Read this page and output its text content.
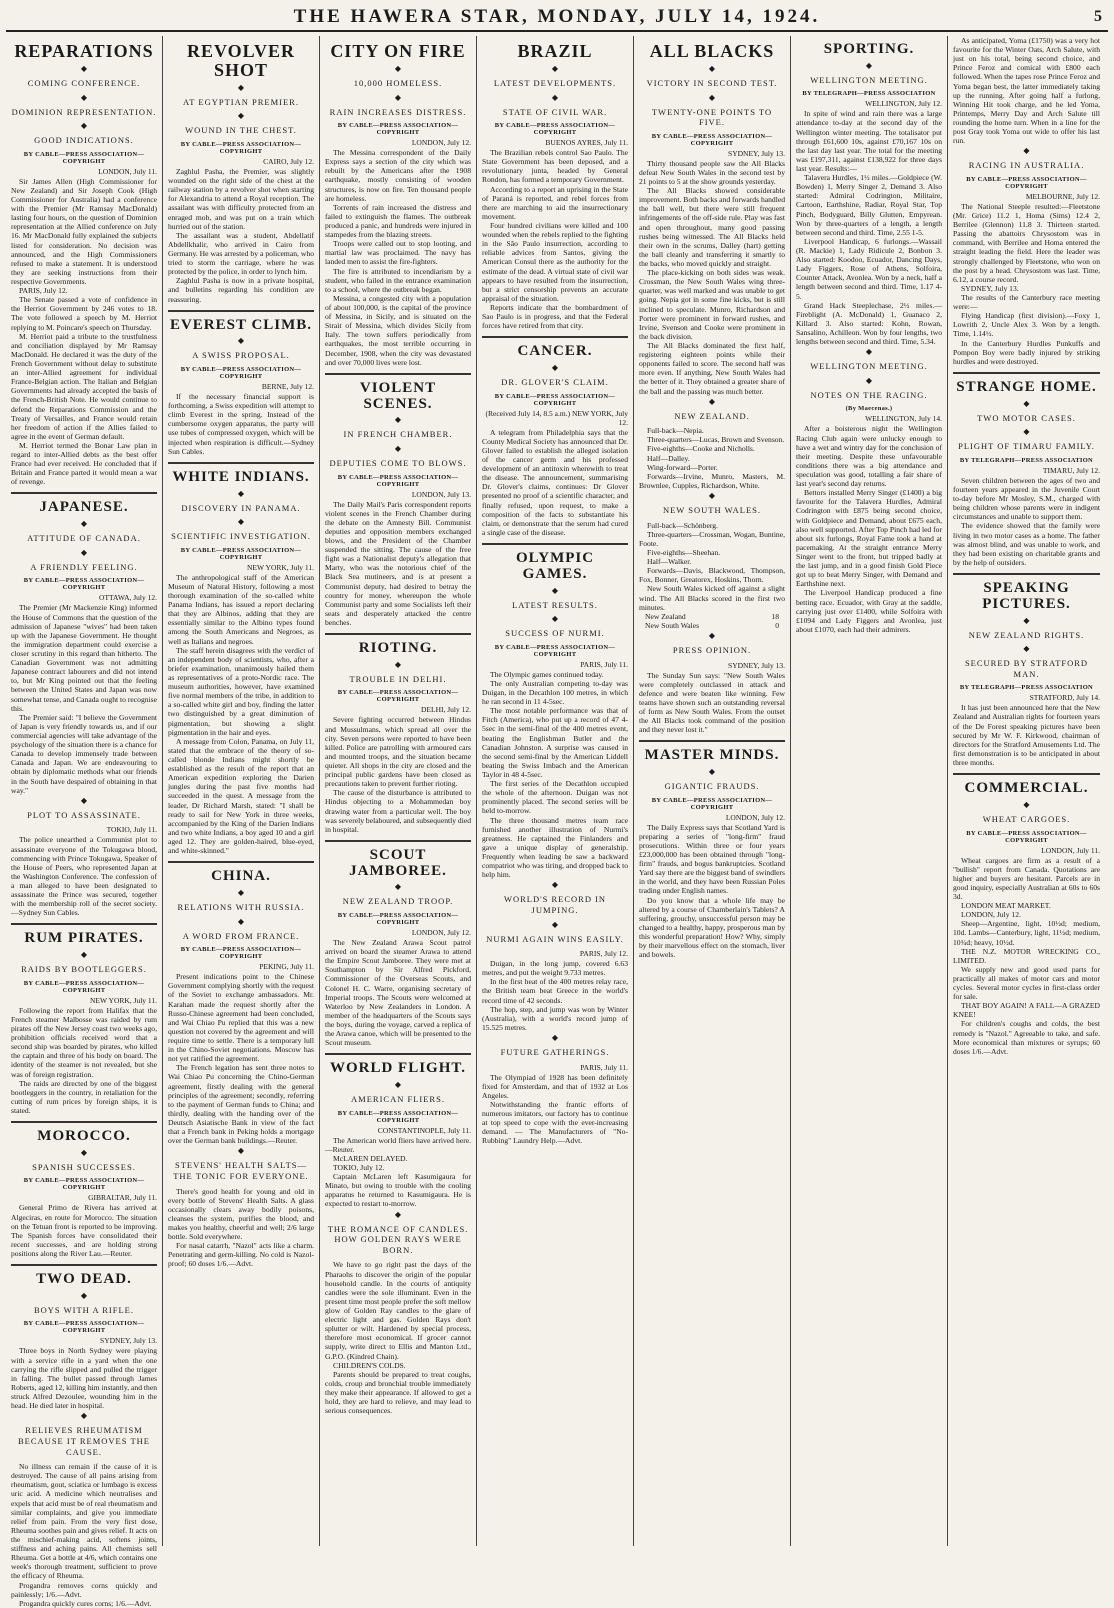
THE HAWERA STAR, MONDAY, JULY 14, 1924.	5
REPARATIONS
◆
COMING CONFERENCE.
◆
DOMINION REPRESENTATION.
◆
GOOD INDICATIONS.
BY CABLE—PRESS ASSOCIATION—COPYRIGHT
LONDON, July 11.

Sir James Allen (High Commissioner for New Zealand) and Sir Joseph Cook (High Commissioner for Australia) had a conference with the Premier (Mr Ramsay MacDonald) lasting four hours, on the question of Dominion representation at the Allied conference on July 16. Mr MacDonald fully explained the subjects listed for consideration. No decision was announced, and the High Commissioners refused to make a statement. It is understood they are seeking instructions from their respective Governments.

PARIS, July 12.

The Senate passed a vote of confidence in the Herriot Government by 246 votes to 18. The vote followed a speech by M. Herriot replying to M. Poincare's speech on Thursday.

M. Herriot paid a tribute to the trustfulness and conciliation displayed by Mr Ramsay MacDonald. He declared it was the duty of the French Government without delay to substitute an inter-Allied agreement for individual France-Belgian action. The Italian and Belgian Governments had already accepted the basis of the French-British Note. He would continue to defend the Reparations Commission and the Treaty of Versailles, and France would retain her freedom of action if the Allies failed to agree in the event of German default.

M. Herriot termed the Bonar Law plan in regard to inter-Allied debts as the best offer France had ever received. He concluded that if Britain and France parted it would mean a war of revenge.

JAPANESE.
◆
ATTITUDE OF CANADA.
◆
A FRIENDLY FEELING.
BY CABLE—PRESS ASSOCIATION—COPYRIGHT
OTTAWA, July 12.

The Premier (Mr Mackenzie King) informed the House of Commons that the question of the admission of Japanese "wives" had been taken up with the Japanese Government. He thought the immigration department could exercise a closer scrutiny in this regard than hitherto. The Canadian Government was not admitting Japanese contract labourers and did not intend to, but Mr King pointed out that the feeling between the United States and Japan was now somewhat tense, and Canada ought to recognise this.

The Premier said: "I believe the Government of Japan is very friendly towards us, and if our commercial agencies will take advantage of the psychology of the situation there is a chance for Canada to develop immensely trade between Canada and Japan. We are endeavouring to obtain by diplomatic methods what our friends in the South have despaired of obtaining in that way."

◆
PLOT TO ASSASSINATE.
TOKIO, July 11.

The police unearthed a Communist plot to assassinate everyone of the Tokugawa blood, commencing with Prince Tokugawa, Speaker of the House of Peers, who represented Japan at the Washington Conference. The confession of a man alleged to have been designated to assassinate the Prince was secured, together with the membership roll of the secret society.—Sydney Sun Cables.

RUM PIRATES.
◆
RAIDS BY BOOTLEGGERS.
BY CABLE—PRESS ASSOCIATION—COPYRIGHT
NEW YORK, July 11.

Following the report from Halifax that the French steamer Malbosse was raided by rum pirates off the New Jersey coast two weeks ago, prohibition officials received word that a second ship was boarded by pirates, who killed the captain and three of his body on board. The identity of the steamer is not revealed, but she was of foreign registration.

The raids are directed by one of the biggest bootleggers in the country, in retaliation for the cutting of rum prices by foreign ships, it is stated.

MOROCCO.
◆
SPANISH SUCCESSES.
BY CABLE—PRESS ASSOCIATION—COPYRIGHT
GIBRALTAR, July 11.

General Primo de Rivera has arrived at Algeciras, en route for Morocco. The situation on the Tetuan front is reported to be improving. The Spanish forces have consolidated their recent successes, and are holding strong positions along the River Lau.—Reuter.

TWO DEAD.
◆
BOYS WITH A RIFLE.
BY CABLE—PRESS ASSOCIATION—COPYRIGHT
SYDNEY, July 13.

Three boys in North Sydney were playing with a service rifle in a yard when the one carrying the rifle slipped and pulled the trigger in falling. The bullet passed through James Roberts, aged 12, killing him instantly, and then struck Alfred Dezoulee, wounding him in the head. He died later in hospital.

◆
RELIEVES RHEUMATISM BECAUSE IT REMOVES THE CAUSE.

No illness can remain if the cause of it is destroyed. The cause of all pains arising from rheumatism, gout, sciatica or lumbago is excess uric acid. A medicine which neutralises and expels that acid must be of real rheumatism and similar complaints, and give you immediate relief from pain. From the very first dose, Rheuma soothes pain and gives relief. It acts on the mischief-making acid, softens joints, stiffness and aching pains. All chemists sell Rheuma. Get a bottle at 4/6, which contains one week's thorough treatment, sufficient to prove the efficacy of Rheuma.

Progandra removes corns quickly and painlessly; 1/6.—Advt.

Progandra quickly cures corns; 1/6.—Advt.

REVOLVER SHOT
◆
AT EGYPTIAN PREMIER.
◆
WOUND IN THE CHEST.
BY CABLE—PRESS ASSOCIATION—COPYRIGHT
CAIRO, July 12.

Zaghlul Pasha, the Premier, was slightly wounded on the right side of the chest at the railway station by a revolver shot when starting for Alexandria to attend a Royal reception. The assailant was with difficulty protected from an enraged mob, and was put on a train which hurried out of the station.

The assailant was a student, Abdellatif Abdellkhalir, who arrived in Cairo from Germany. He was arrested by a policeman, who tried to storm the carriage, where he was protected by the police, in order to lynch him.

Zaghlul Pasha is now in a private hospital, and bulletins regarding his condition are reassuring.

EVEREST CLIMB.
◆
A SWISS PROPOSAL.
BY CABLE—PRESS ASSOCIATION—COPYRIGHT
BERNE, July 12.

If the necessary financial support is forthcoming, a Swiss expedition will attempt to climb Everest in the spring. Instead of the cumbersome oxygen apparatus, the party will use tubes of compressed oxygen, which will be injected when respiration is difficult.—Sydney Sun Cables.

WHITE INDIANS.
◆
DISCOVERY IN PANAMA.
◆
SCIENTIFIC INVESTIGATION.
BY CABLE—PRESS ASSOCIATION—COPYRIGHT
NEW YORK, July 11.

The anthropological staff of the American Museum of Natural History, following a most thorough examination of the so-called white Panama Indians, has issued a report declaring that they are Albinos, adding that they are essentially similar to the Albino types found among the South Americans and Negroes, as well as Italians and negroes.

The staff herein disagrees with the verdict of an independent body of scientists, who, after a briefer examination, unanimously hailed them as representatives of a proto-Nordic race. The museum authorities, however, have examined five normal members of the tribe, in addition to a so-called white girl and boy, finding the latter two distinguished by a great diminution of pigmentation, but showing a slight pigmentation in the hair and eyes.

A message from Colon, Panama, on July 11, stated that the embrace of the theory of so-called blonde Indians might shortly be established as the result of the report that an American expedition exploring the Darien jungles during the past five months had succeeded in the quest. A message from the leader, Dr Richard Marsh, stated: "I shall be ready to sail for New York in three weeks, accompanied by the King of the Darien Indians and two white Indians, a boy aged 10 and a girl aged 12. They are golden-haired, blue-eyed, and white-skinned."

CHINA.
◆
RELATIONS WITH RUSSIA.
◆
A WORD FROM FRANCE.
BY CABLE—PRESS ASSOCIATION—COPYRIGHT
PEKING, July 11.

Present indications point to the Chinese Government complying shortly with the request of the Soviet to exchange ambassadors. Mr. Karahan made the request shortly after the Russo-Chinese agreement had been concluded, and Wai Chiao Pu replied that this was a new question not covered by the agreement and will require time to settle. There is a temporary lull in the Chino-Soviet negotiations. Moscow has not yet ratified the agreement.

The French legation has sent three notes to Wai Chiao Pu concerning the Chino-German agreement, firstly dealing with the general principles of the agreement; secondly, referring to the payment of German funds to China; and thirdly, dealing with the handing over of the Deutsch Asiatische Bank in view of the fact that a French bank in Peking holds a mortgage over the German bank buildings.—Reuter.

◆
STEVENS' HEALTH SALTS—THE TONIC FOR EVERYONE.

There's good health for young and old in every bottle of Stevens' Health Salts. A glass occasionally clears away bodily poisons, cleanses the system, purifies the blood, and makes you healthy, cheerful and well; 2/6 large bottle. Sold everywhere.

For nasal catarrh, "Nazol" acts like a charm. Penetrating and germ-killing. No cold is Nazol-proof; 60 doses 1/6.—Advt.

CITY ON FIRE
◆
10,000 HOMELESS.
◆
RAIN INCREASES DISTRESS.
BY CABLE—PRESS ASSOCIATION—COPYRIGHT
LONDON, July 12.

The Messina correspondent of the Daily Express says a section of the city which was rebuilt by the Americans after the 1908 earthquake, mostly consisting of wooden structures, is now on fire. Ten thousand people are homeless.

Torrents of rain increased the distress and failed to extinguish the flames. The outbreak produced a panic, and hundreds were injured in stampedes from the blazing streets.

Troops were called out to stop looting, and martial law was proclaimed. The navy has landed men to assist the fire-fighters.

The fire is attributed to incendiarism by a student, who failed in the entrance examination to a school, where the outbreak began.

Messina, a congested city with a population of about 100,000, is the capital of the province of Messina, in Sicily, and is situated on the Strait of Messina, which divides Sicily from Italy. The town suffers periodically from earthquakes, the most terrible occurring in December, 1908, when the city was devastated and over 70,000 lives were lost.

VIOLENT SCENES.
◆
IN FRENCH CHAMBER.
◆
DEPUTIES COME TO BLOWS.
BY CABLE—PRESS ASSOCIATION—COPYRIGHT
LONDON, July 13.

The Daily Mail's Paris correspondent reports violent scenes in the French Chamber during the debate on the Amnesty Bill. Communist deputies and opposition members exchanged blows, and the President of the Chamber suspended the sitting. The cause of the free fight was a Nationalist deputy's allegation that Marty, who was the notorious chief of the Black Sea mutineers, and is at present a Communist deputy, had desired to betray the country for money, whereupon the whole Communist party and some Socialists left their seats and desperately attacked the centre benches.

RIOTING.
◆
TROUBLE IN DELHI.
BY CABLE—PRESS ASSOCIATION—COPYRIGHT
DELHI, July 12.

Severe fighting occurred between Hindus and Mussulmans, which spread all over the city. Seven persons were reported to have been killed. Police are patrolling with armoured cars and mounted troops, and the situation became quieter. All shops in the city are closed and the principal public gardens have been closed as precautions taken to prevent further rioting.

The cause of the disturbance is attributed to Hindus objecting to a Mohammedan boy drawing water from a particular well. The boy was severely belaboured, and subsequently died in hospital.

SCOUT JAMBOREE.
◆
NEW ZEALAND TROOP.
BY CABLE—PRESS ASSOCIATION—COPYRIGHT
LONDON, July 12.

The New Zealand Arawa Scout patrol arrived on board the steamer Arawa to attend the Empire Scout Jamboree. They were met at Southampton by Sir Alfred Pickford, Commissioner of the Overseas Scouts, and Colonel H. C. Warre, organising secretary of Imperial troops. The Scouts were welcomed at Waterloo by New Zealanders in London. A member of the headquarters of the Scouts says the boys, during the voyage, carved a replica of the Arawa canoe, which will be presented to the Scout museum.

WORLD FLIGHT.
◆
AMERICAN FLIERS.
BY CABLE—PRESS ASSOCIATION—COPYRIGHT
CONSTANTINOPLE, July 11.

The American world fliers have arrived here.—Reuter.

McLAREN DELAYED.

TOKIO, July 12.

Captain McLaren left Kasumigaura for Minato, but owing to trouble with the cooling apparatus he returned to Kasumigaura. He is expected to restart to-morrow.

◆
THE ROMANCE OF CANDLES. HOW GOLDEN RAYS WERE BORN.

We have to go right past the days of the Pharaohs to discover the origin of the popular household candle. In the courts of antiquity candles were the sole illuminant. Even in the present time most people prefer the soft mellow glow of Golden Ray candles to the glare of electric light and gas. Golden Rays don't splutter or wilt. Hardened by special process, therefore most economical. If grocer cannot supply, write direct to Ellis and Manton Ltd., G.P.O. (Kindred Chain).

CHILDREN'S COLDS.

Parents should be prepared to treat coughs, colds, croup and bronchial trouble immediately they make their appearance. If allowed to get a hold, they are hard to relieve, and may lead to serious consequences.

BRAZIL
◆
LATEST DEVELOPMENTS.
◆
STATE OF CIVIL WAR.
BY CABLE—PRESS ASSOCIATION—COPYRIGHT
BUENOS AYRES, July 11.

The Brazilian rebels control Sao Paulo. The State Government has been deposed, and a revolutionary junta, headed by General Rondon, has formed a temporary Government.

According to a report an uprising in the State of Paraná is reported, and rebel forces from there are marching to aid the insurrectionary movement.

Four hundred civilians were killed and 100 wounded when the rebels replied to the fighting in the São Paulo insurrection, according to reliable advices from Santos, giving the American Consul there as the authority for the estimate of the dead. A virtual state of civil war appears to have resulted from the insurrection, but a strict censorship prevents an accurate appraisal of the situation.

Reports indicate that the bombardment of Sao Paulo is in progress, and that the Federal forces have retired from that city.

CANCER.
◆
DR. GLOVER'S CLAIM.
BY CABLE—PRESS ASSOCIATION—COPYRIGHT
(Received July 14, 8.5 a.m.) NEW YORK, July 12.

A telegram from Philadelphia says that the County Medical Society has announced that Dr. Glover failed to establish the alleged isolation of the cancer germ and his professed development of an antitoxin wherewith to treat the disease. The announcement, summarising Dr. Glover's claims, continues: Dr Glover presented no proof of a scientific character, and finally refused, upon request, to make a composition of the facts to substantiate his claim, or demonstrate that the serum had cured a single case of the disease.

OLYMPIC GAMES.
◆
LATEST RESULTS.
◆
SUCCESS OF NURMI.
BY CABLE—PRESS ASSOCIATION—COPYRIGHT
PARIS, July 11.

The Olympic games continued today.

The only Australian competing to-day was Duigan, in the Decathlon 100 metres, in which he ran second in 11 4-5sec.

The most notable performance was that of Fitch (America), who put up a record of 47 4-5sec in the semi-final of the 400 metres event, beating the Englishman Butler and the Canadian Johnston. A surprise was caused in the second semi-final by the American Liddell beating the Swiss Imbach and the American Taylor in 48 4-5sec.

The first series of the Decathlon occupied the whole of the afternoon. Duigan was not prominently placed. The second series will be held to-morrow.

The three thousand metres team race furnished another illustration of Nurmi's greatness. He captained the Finlanders and gave a unique display of generalship. Frequently when leading he saw a backward compatriot who was tiring, and dropped back to help him.

◆
WORLD'S RECORD IN JUMPING.
◆
NURMI AGAIN WINS EASILY.
PARIS, July 12.

Duigan, in the long jump, covered 6.63 metres, and put the weight 9.733 metres.

In the first heat of the 400 metres relay race, the British team beat Greece in the world's record time of 42 seconds.

The hop, step, and jump was won by Winter (Australia), with a world's record jump of 15.525 metres.

◆
FUTURE GATHERINGS.
PARIS, July 11.

The Olympiad of 1928 has been definitely fixed for Amsterdam, and that of 1932 at Los Angeles.

Notwithstanding the frantic efforts of numerous imitators, our factory has to continue at top speed to cope with the ever-increasing demand. — The Manufacturers of "No-Rubbing" Laundry Help.—Advt.

ALL BLACKS
◆
VICTORY IN SECOND TEST.
◆
TWENTY-ONE POINTS TO FIVE.
BY CABLE—PRESS ASSOCIATION—COPYRIGHT
SYDNEY, July 13.

Thirty thousand people saw the All Blacks defeat New South Wales in the second test by 21 points to 5 at the show grounds yesterday.

The All Blacks showed considerable improvement. Both backs and forwards handled the ball well, but there were still frequent infringements of the off-side rule. Play was fast and open throughout, many good passing rushes being witnessed. The All Blacks held their own in the scrums, Dalley (hart) getting the ball cleanly and transferring it smartly to the backs, who moved quickly and straight.

The place-kicking on both sides was weak. Crossman, the New South Wales wing three-quarter, was well marked and was unable to get going. Nepia got in some fine kicks, but is still inclined to speculate. Munro, Richardson and Porter were prominent in forward rushes, and Irvine, Svenson and Cooke were prominent in the back division.

The All Blacks dominated the first half, registering eighteen points while their opponents failed to score. The second half was more even. If anything, New South Wales had the better of it. They obtained a greater share of the ball and the passing was much better.

◆
NEW ZEALAND.

Full-back—Nepia.

Three-quarters—Lucas, Brown and Svenson.

Five-eighths—Cooke and Nicholls.

Half—Dalley.

Wing-forward—Porter.

Forwards—Irvine, Munro, Masters, M. Brownlee, Cupples, Richardson, White.

◆
NEW SOUTH WALES.

Full-back—Schönberg.

Three-quarters—Crossman, Wogan, Buntine, Foote.

Five-eighths—Sheehan.

Half—Walker.

Forwards—Davis, Blackwood, Thompson, Fox, Bonner, Greatorex, Hoskins, Thorn.

New South Wales kicked off against a slight wind. The All Blacks scored in the first two minutes.

New Zealand	18
New South Wales	0
◆
PRESS OPINION.
SYDNEY, July 13.

The Sunday Sun says: "New South Wales were completely outclassed in attack and defence and were beaten like winning. Few teams have shown such an outstanding reversal of form as New South Wales. From the outset the All Blacks took command of the position and they never lost it."

MASTER MINDS.
◆
GIGANTIC FRAUDS.
BY CABLE—PRESS ASSOCIATION—COPYRIGHT
LONDON, July 12.

The Daily Express says that Scotland Yard is preparing a series of "long-firm" fraud prosecutions. Within three or four years £23,000,000 has been obtained through "long-firm" frauds, and bogus bankruptcies. Scotland Yard say there are the biggest band of swindlers in the world, and they have been Russian Poles trading under English names.

Do you know that a whole life may be altered by a course of Chamberlain's Tablets? A suffering, grouchy, unsuccessful person may be changed to a healthy, happy, prosperous man by this wonderful preparation! How? Why, simply by their marvellous effect on the stomach, liver and bowels.

SPORTING.
◆
WELLINGTON MEETING.
BY TELEGRAPH—PRESS ASSOCIATION
WELLINGTON, July 12.

In spite of wind and rain there was a large attendance to-day at the second day of the Wellington winter meeting. The totalisator put through £61,600 10s, against £70,167 10s on the last day last year. The total for the meeting was £197,311, against £138,922 for three days last year. Results:—

Talavera Hurdles, 1½ miles.—Goldpiece (W. Bowden) 1, Merry Singer 2, Demand 3. Also started: Admiral Codrington, Militaire, Cartoon, Earthshine, Radiar, Royal Star, Top Pinch, Bodyguard, Billy Glutten, Empyrean. Won by three-quarters of a length, a length between second and third. Time, 2.55 1-5.

Liverpool Handicap, 6 furlongs.—Wassail (R. Mackie) 1, Lady Ridicule 2, Bonbon 3. Also started: Koodoo, Ecuador, Dancing Days, Lady Figgers, Rose of Athens, Solfoira, Counter Attack, Avonlea. Won by a neck, half a length between second and third. Time, 1.17 4-5.

Grand Hack Steeplechase, 2½ miles.—Fireblight (A. McDonald) 1, Guanaco 2, Killard 3. Also started: Kohn, Rowan, Sansalino, Achilleon. Won by four lengths, two lengths between second and third. Time, 5.34.

◆
WELLINGTON MEETING.
◆
NOTES ON THE RACING.
(By Maecenas.)
WELLINGTON, July 14.

After a boisterous night the Wellington Racing Club again were unlucky enough to have a wet and wintry day for the conclusion of their meeting. Despite these unfavourable conditions there was a big attendance and speculation was good, totalling a fair share of last year's second day returns.

Bettors installed Merry Singer (£1400) a big favourite for the Talavera Hurdles, Admiral Codrington with £875 being second choice, with Goldpiece and Demand, about £675 each, also well supported. After Top Pinch had led for about six furlongs, Royal Fame took a hand at pacemaking. At the straight entrance Merry Singer went to the front, but tripped badly at the last jump, and in a good finish Gold Piece got up to beat Merry Singer, with Demand and Earthshine next.

The Liverpool Handicap produced a fine betting race. Ecuador, with Gray at the saddle, carrying just over £1400, while Solfoira with £1094 and Lady Figgers and Avonlea, just about £1070, each had their admirers.

As anticipated, Yoma (£1750) was a very hot favourite for the Winter Oats, Arch Salute, with just on his total, being second choice, and Prince Feroz and comical with £800 each followed. When the tapes rose Prince Feroz and Yoma began best, the latter immediately taking up the running. After going half a furlong, Winning Hit took charge, and he led Yoma, Printemps, Merry Day and Arch Salute till rounding the home turn. When in a line for the post Gray took Yoma out wide to offer his last run.

◆
RACING IN AUSTRALIA.
BY CABLE—PRESS ASSOCIATION—COPYRIGHT
MELBOURNE, July 12.

The National Steeple resulted:—Fleetstone (Mr. Grice) 11.2 1, Homa (Sims) 12.4 2, Berrilee (Glennon) 11.8 3. Thirteen started. Passing the abattoirs Chrysostom was in command, with Berrilee and Homa entered the straight leading the field. Here the leader was strongly challenged by Fleetstone, who won on the post by a head. Chrysostom was last. Time, 6.12, a course record.

SYDNEY, July 13.

The results of the Canterbury race meeting were:—

Flying Handicap (first division).—Foxy 1, Lowrith 2, Uncle Alex 3. Won by a length. Time, 1.14½.

In the Canterbury Hurdles Punkuffs and Pompon Boy were badly injured by striking hurdles and were destroyed.

STRANGE HOME.
◆
TWO MOTOR CASES.
◆
PLIGHT OF TIMARU FAMILY.
BY TELEGRAPH—PRESS ASSOCIATION
TIMARU, July 12.

Seven children between the ages of two and fourteen years appeared in the Juvenile Court to-day before Mr Mosley, S.M., charged with being children whose parents were in indigent circumstances and unable to support them.

The evidence showed that the family were living in two motor cases as a home. The father was almost blind, and was unable to work, and they had been existing on charitable grants and by the help of outsiders.

SPEAKING PICTURES.
◆
NEW ZEALAND RIGHTS.
◆
SECURED BY STRATFORD MAN.
BY TELEGRAPH—PRESS ASSOCIATION
STRATFORD, July 14.

It has just been announced here that the New Zealand and Australian rights for fourteen years of the De Forest speaking pictures have been secured by Mr W. F. Kirkwood, chairman of directors for the Stratford Amusements Ltd. The first demonstration is to be anticipated in about three months.

COMMERCIAL.
◆
WHEAT CARGOES.
BY CABLE—PRESS ASSOCIATION—COPYRIGHT
LONDON, July 11.

Wheat cargoes are firm as a result of a "bullish" report from Canada. Quotations are higher and buyers are hesitant. Parcels are in good inquiry, especially Australian at 60s to 60s 3d.

LONDON MEAT MARKET.

LONDON, July 12.

Sheep—Argentine, light, 10½d; medium, 10d. Lambs—Canterbury, light, 11½d; medium, 10¾d; heavy, 10½d.

THE N.Z. MOTOR WRECKING CO., LIMITED.

We supply new and good used parts for practically all makes of motor cars and motor cycles. Several motor cycles in first-class order for sale.

THAT BOY AGAIN! A FALL—A GRAZED KNEE!

For children's coughs and colds, the best remedy is "Nazol." Agreeable to take, and safe. More economical than mixtures or syrups; 60 doses 1/6.—Advt.
